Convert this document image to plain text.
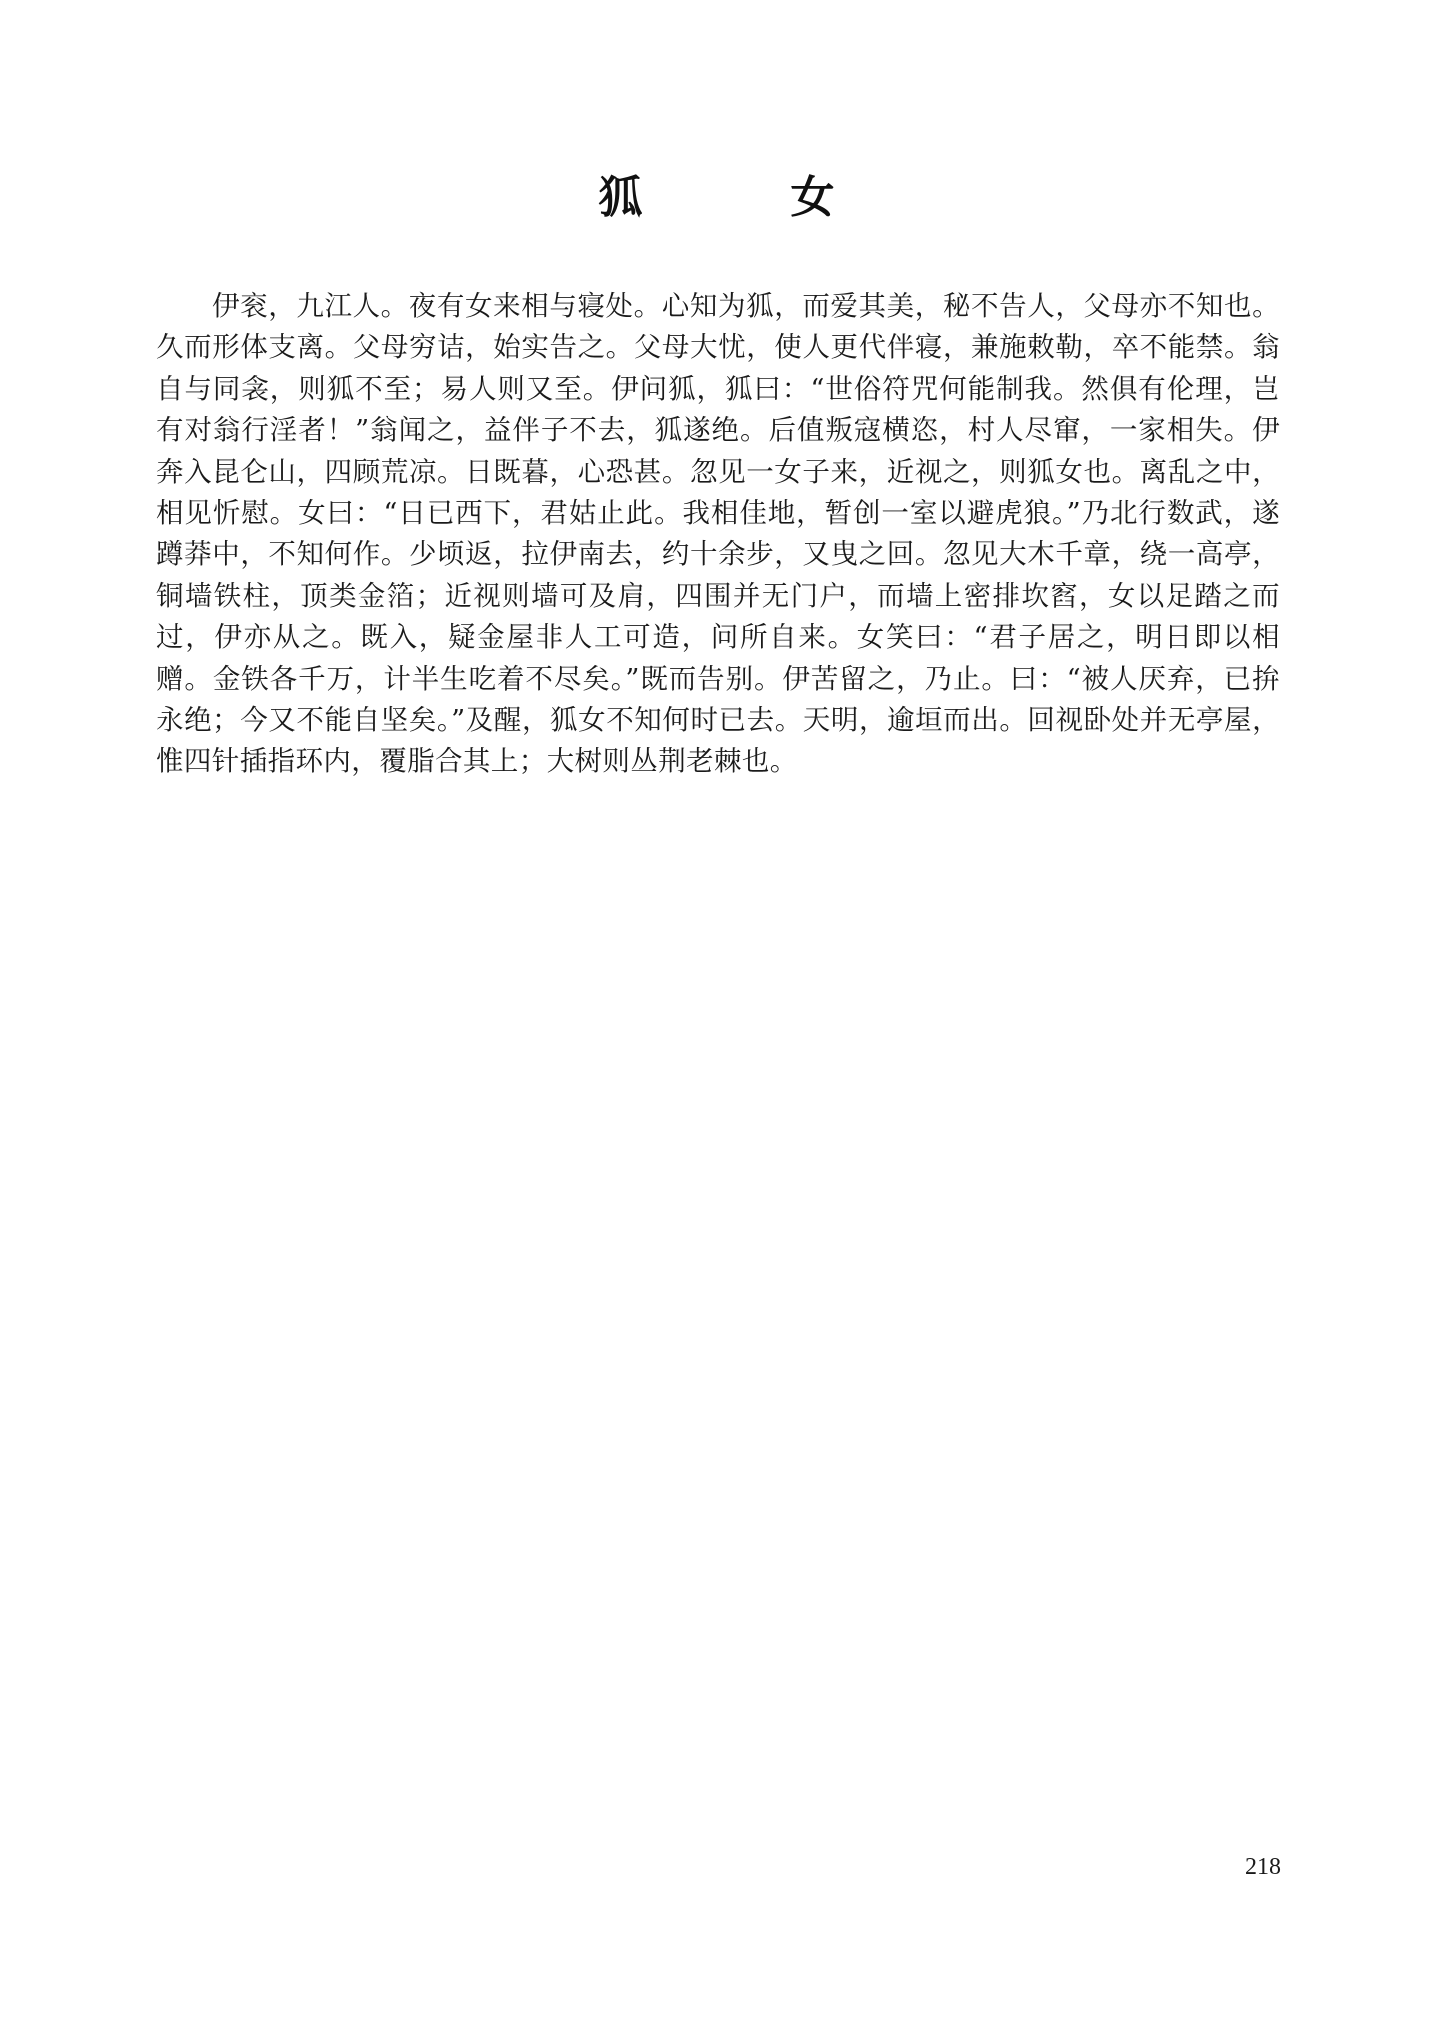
狐　女

伊衮，九江人。夜有女来相与寝处。心知为狐，而爱其美，秘不告人，父母亦不知也。久而形体支离。父母穷诘，始实告之。父母大忧，使人更代伴寝，兼施敕勒，卒不能禁。翁自与同衾，则狐不至；易人则又至。伊问狐，狐曰：“世俗符咒何能制我。然俱有伦理，岂有对翁行淫者！”翁闻之，益伴子不去，狐遂绝。后值叛寇横恣，村人尽窜，一家相失。伊奔入昆仑山，四顾荒凉。日既暮，心恐甚。忽见一女子来，近视之，则狐女也。离乱之中，相见忻慰。女曰：“日已西下，君姑止此。我相佳地，暂创一室以避虎狼。”乃北行数武，遂蹲莽中，不知何作。少顷返，拉伊南去，约十余步，又曳之回。忽见大木千章，绕一高亭，铜墙铁柱，顶类金箔；近视则墙可及肩，四围并无门户，而墙上密排坎窞，女以足踏之而过，伊亦从之。既入，疑金屋非人工可造，问所自来。女笑曰：“君子居之，明日即以相赠。金铁各千万，计半生吃着不尽矣。”既而告别。伊苦留之，乃止。曰：“被人厌弃，已拚永绝；今又不能自坚矣。”及醒，狐女不知何时已去。天明，逾垣而出。回视卧处并无亭屋，惟四针插指环内，覆脂合其上；大树则丛荆老棘也。

218
